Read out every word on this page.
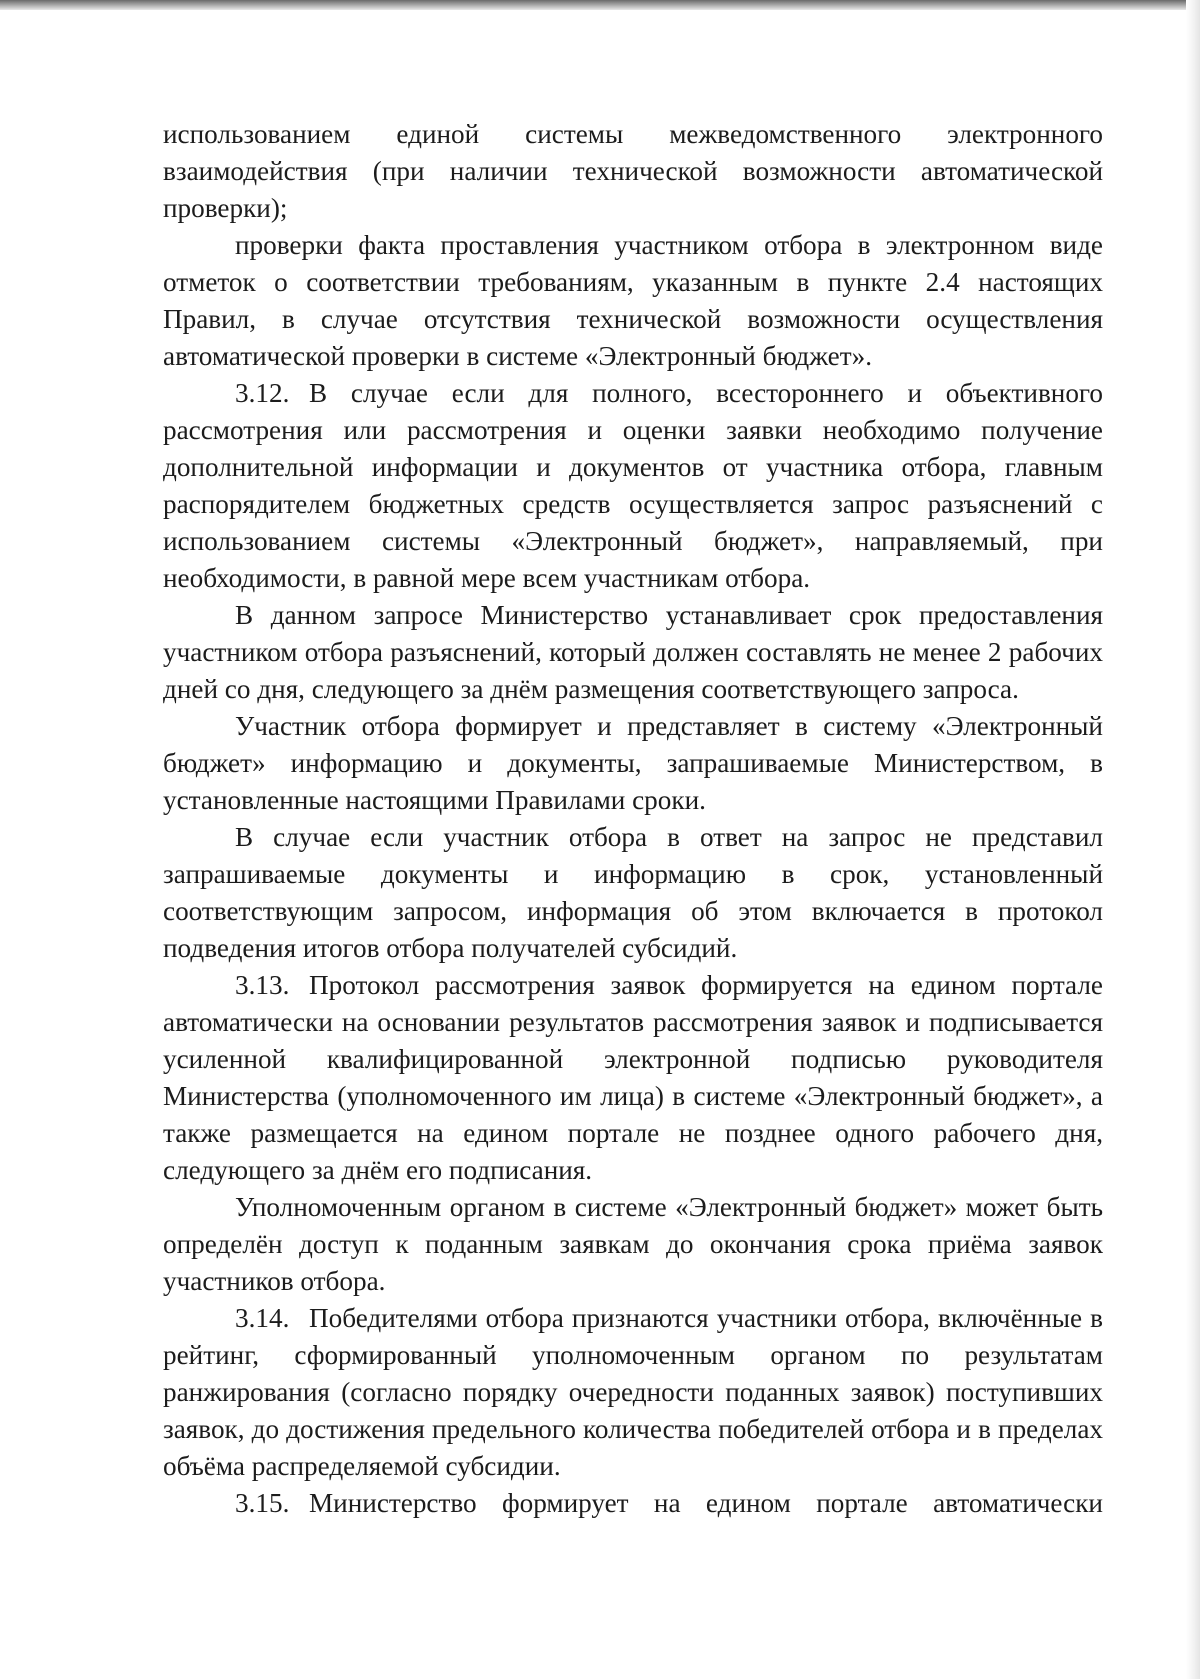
использованием единой системы межведомственного электронного взаимодействия (при наличии технической возможности автоматической проверки);

проверки факта проставления участником отбора в электронном виде отметок о соответствии требованиям, указанным в пункте 2.4 настоящих Правил, в случае отсутствия технической возможности осуществления автоматической проверки в системе «Электронный бюджет».

3.12. В случае если для полного, всестороннего и объективного рассмотрения или рассмотрения и оценки заявки необходимо получение дополнительной информации и документов от участника отбора, главным распорядителем бюджетных средств осуществляется запрос разъяснений с использованием системы «Электронный бюджет», направляемый, при необходимости, в равной мере всем участникам отбора.

В данном запросе Министерство устанавливает срок предоставления участником отбора разъяснений, который должен составлять не менее 2 рабочих дней со дня, следующего за днём размещения соответствующего запроса.

Участник отбора формирует и представляет в систему «Электронный бюджет» информацию и документы, запрашиваемые Министерством, в установленные настоящими Правилами сроки.

В случае если участник отбора в ответ на запрос не представил запрашиваемые документы и информацию в срок, установленный соответствующим запросом, информация об этом включается в протокол подведения итогов отбора получателей субсидий.

3.13. Протокол рассмотрения заявок формируется на едином портале автоматически на основании результатов рассмотрения заявок и подписывается усиленной квалифицированной электронной подписью руководителя Министерства (уполномоченного им лица) в системе «Электронный бюджет», а также размещается на едином портале не позднее одного рабочего дня, следующего за днём его подписания.

Уполномоченным органом в системе «Электронный бюджет» может быть определён доступ к поданным заявкам до окончания срока приёма заявок участников отбора.

3.14. Победителями отбора признаются участники отбора, включённые в рейтинг, сформированный уполномоченным органом по результатам ранжирования (согласно порядку очередности поданных заявок) поступивших заявок, до достижения предельного количества победителей отбора и в пределах объёма распределяемой субсидии.

3.15. Министерство формирует на едином портале автоматически
